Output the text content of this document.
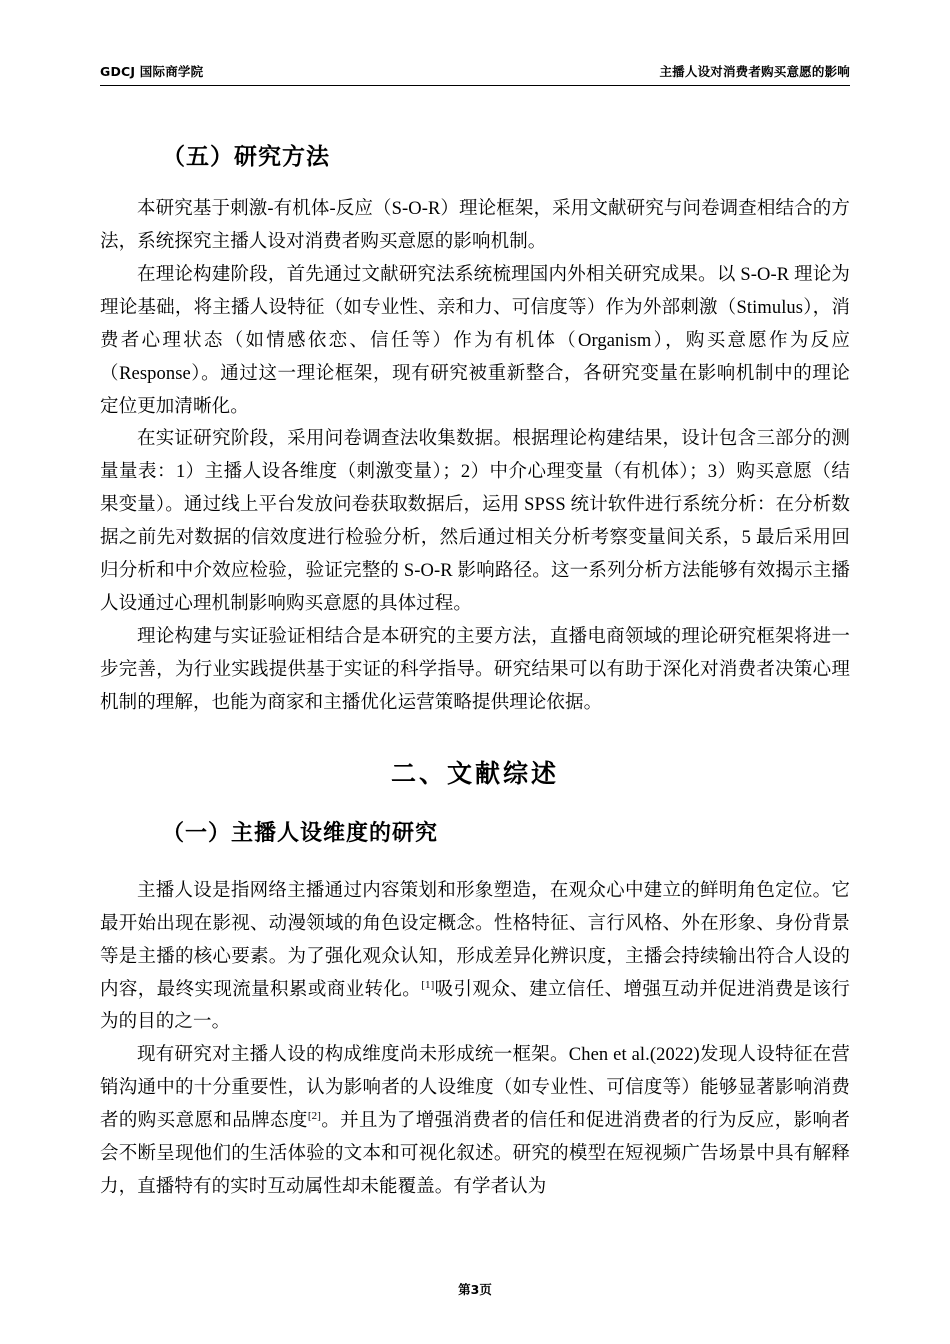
GDCJ 国际商学院	主播人设对消费者购买意愿的影响
（五）研究方法

本研究基于刺激-有机体-反应（S-O-R）理论框架，采用文献研究与问卷调查相结合的方法，系统探究主播人设对消费者购买意愿的影响机制。

在理论构建阶段，首先通过文献研究法系统梳理国内外相关研究成果。以 S-O-R 理论为理论基础，将主播人设特征（如专业性、亲和力、可信度等）作为外部刺激（Stimulus），消费者心理状态（如情感依恋、信任等）作为有机体（Organism），购买意愿作为反应（Response）。通过这一理论框架，现有研究被重新整合，各研究变量在影响机制中的理论定位更加清晰化。

在实证研究阶段，采用问卷调查法收集数据。根据理论构建结果，设计包含三部分的测量量表：1）主播人设各维度（刺激变量）；2）中介心理变量（有机体）；3）购买意愿（结果变量）。通过线上平台发放问卷获取数据后，运用 SPSS 统计软件进行系统分析：在分析数据之前先对数据的信效度进行检验分析，然后通过相关分析考察变量间关系，5 最后采用回归分析和中介效应检验，验证完整的 S-O-R 影响路径。这一系列分析方法能够有效揭示主播人设通过心理机制影响购买意愿的具体过程。

理论构建与实证验证相结合是本研究的主要方法，直播电商领域的理论研究框架将进一步完善，为行业实践提供基于实证的科学指导。研究结果可以有助于深化对消费者决策心理机制的理解，也能为商家和主播优化运营策略提供理论依据。

二、文献综述
（一）主播人设维度的研究

主播人设是指网络主播通过内容策划和形象塑造，在观众心中建立的鲜明角色定位。它最开始出现在影视、动漫领域的角色设定概念。性格特征、言行风格、外在形象、身份背景等是主播的核心要素。为了强化观众认知，形成差异化辨识度，主播会持续输出符合人设的内容，最终实现流量积累或商业转化。[1]吸引观众、建立信任、增强互动并促进消费是该行为的目的之一。

现有研究对主播人设的构成维度尚未形成统一框架。Chen et al.(2022)发现人设特征在营销沟通中的十分重要性，认为影响者的人设维度（如专业性、可信度等）能够显著影响消费者的购买意愿和品牌态度[2]。并且为了增强消费者的信任和促进消费者的行为反应，影响者会不断呈现他们的生活体验的文本和可视化叙述。研究的模型在短视频广告场景中具有解释力，直播特有的实时互动属性却未能覆盖。有学者认为

第3页
